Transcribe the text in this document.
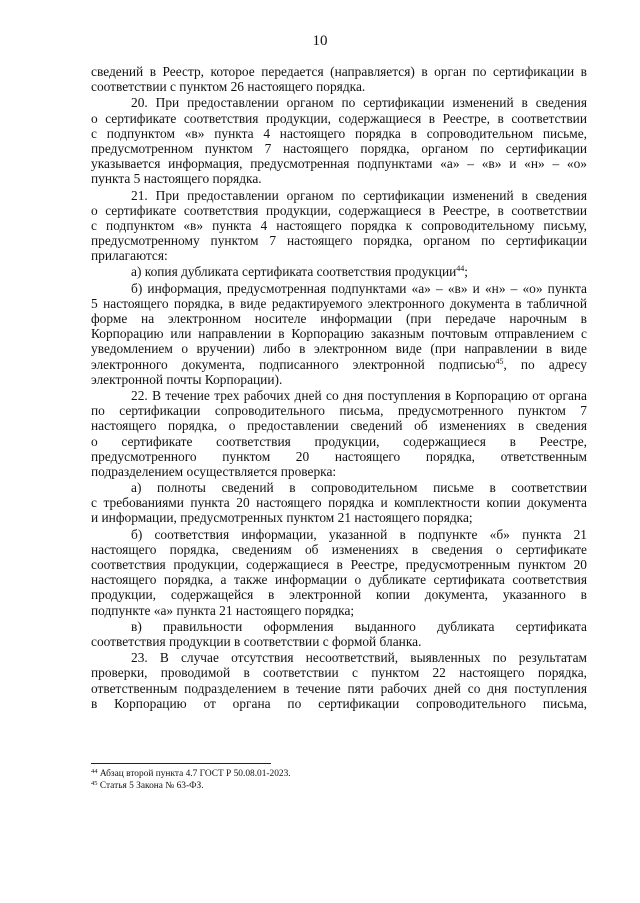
10
сведений в Реестр, которое передается (направляется) в орган по сертификации в
соответствии с пунктом 26 настоящего порядка.
20. При предоставлении органом по сертификации изменений в сведения
о сертификате соответствия продукции, содержащиеся в Реестре, в соответствии
с подпунктом «в» пункта 4 настоящего порядка в сопроводительном письме,
предусмотренном пунктом 7 настоящего порядка, органом по сертификации
указывается информация, предусмотренная подпунктами «а» – «в» и «н» – «о»
пункта 5 настоящего порядка.
21. При предоставлении органом по сертификации изменений в сведения
о сертификате соответствия продукции, содержащиеся в Реестре, в соответствии
с подпунктом «в» пункта 4 настоящего порядка к сопроводительному письму,
предусмотренному пунктом 7 настоящего порядка, органом по сертификации
прилагаются:
а) копия дубликата сертификата соответствия продукции$^{44}$;
б) информация, предусмотренная подпунктами «а» – «в» и «н» – «о» пункта
5 настоящего порядка, в виде редактируемого электронного документа в табличной
форме на электронном носителе информации (при передаче нарочным в
Корпорацию или направлении в Корпорацию заказным почтовым отправлением с
уведомлением о вручении) либо в электронном виде (при направлении в виде
электронного документа, подписанного электронной подписью$^{45}$, по адресу
электронной почты Корпорации).
22. В течение трех рабочих дней со дня поступления в Корпорацию от органа
по сертификации сопроводительного письма, предусмотренного пунктом 7
настоящего порядка, о предоставлении сведений об изменениях в сведения
о сертификате соответствия продукции, содержащиеся в Реестре,
предусмотренного пунктом 20 настоящего порядка, ответственным
подразделением осуществляется проверка:
а) полноты сведений в сопроводительном письме в соответствии
с требованиями пункта 20 настоящего порядка и комплектности копии документа
и информации, предусмотренных пунктом 21 настоящего порядка;
б) соответствия информации, указанной в подпункте «б» пункта 21
настоящего порядка, сведениям об изменениях в сведения о сертификате
соответствия продукции, содержащиеся в Реестре, предусмотренным пунктом 20
настоящего порядка, а также информации о дубликате сертификата соответствия
продукции, содержащейся в электронной копии документа, указанного в
подпункте «а» пункта 21 настоящего порядка;
в) правильности оформления выданного дубликата сертификата
соответствия продукции в соответствии с формой бланка.
23. В случае отсутствия несоответствий, выявленных по результатам
проверки, проводимой в соответствии с пунктом 22 настоящего порядка,
ответственным подразделением в течение пяти рабочих дней со дня поступления
в Корпорацию от органа по сертификации сопроводительного письма,
$^{44}$ Абзац второй пункта 4.7 ГОСТ Р 50.08.01-2023.
$^{45}$ Статья 5 Закона № 63-ФЗ.
